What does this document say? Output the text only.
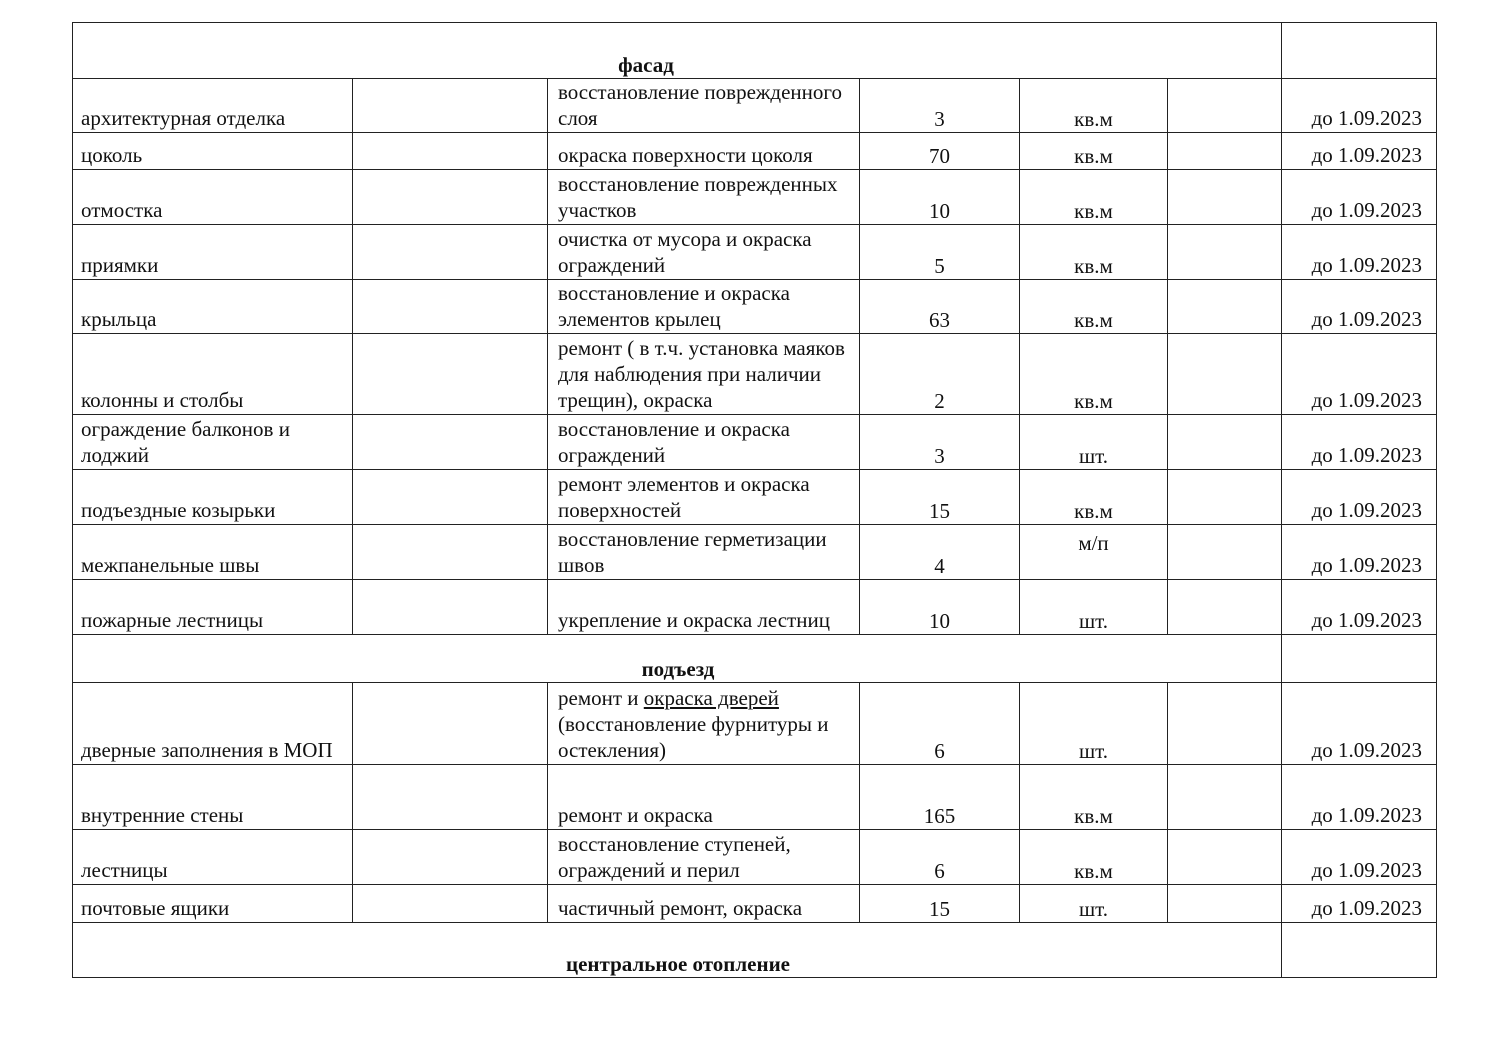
фасад						
архитектурная отделка		восстановление поврежденного слоя	3	кв.м		до 1.09.2023
цоколь		окраска поверхности цоколя	70	кв.м		до 1.09.2023
отмостка		восстановление поврежденных участков	10	кв.м		до 1.09.2023
приямки		очистка от мусора и окраска ограждений	5	кв.м		до 1.09.2023
крыльца		восстановление и окраска элементов крылец	63	кв.м		до 1.09.2023
колонны и столбы		ремонт ( в т.ч. установка маяков для наблюдения при наличии трещин), окраска	2	кв.м		до 1.09.2023
ограждение балконов и лоджий		восстановление и окраска ограждений	3	шт.		до 1.09.2023
подъездные козырьки		ремонт элементов и окраска поверхностей	15	кв.м		до 1.09.2023
межпанельные швы		восстановление герметизации швов	4	м/п		до 1.09.2023
пожарные лестницы		укрепление и окраска лестниц	10	шт.		до 1.09.2023
подъезд						
дверные заполнения в МОП		ремонт и окраска дверей (восстановление фурнитуры и остекления)	6	шт.		до 1.09.2023
внутренние стены		ремонт и окраска	165	кв.м		до 1.09.2023
лестницы		восстановление ступеней, ограждений и перил	6	кв.м		до 1.09.2023
почтовые ящики		частичный ремонт, окраска	15	шт.		до 1.09.2023
центральное отопление						
